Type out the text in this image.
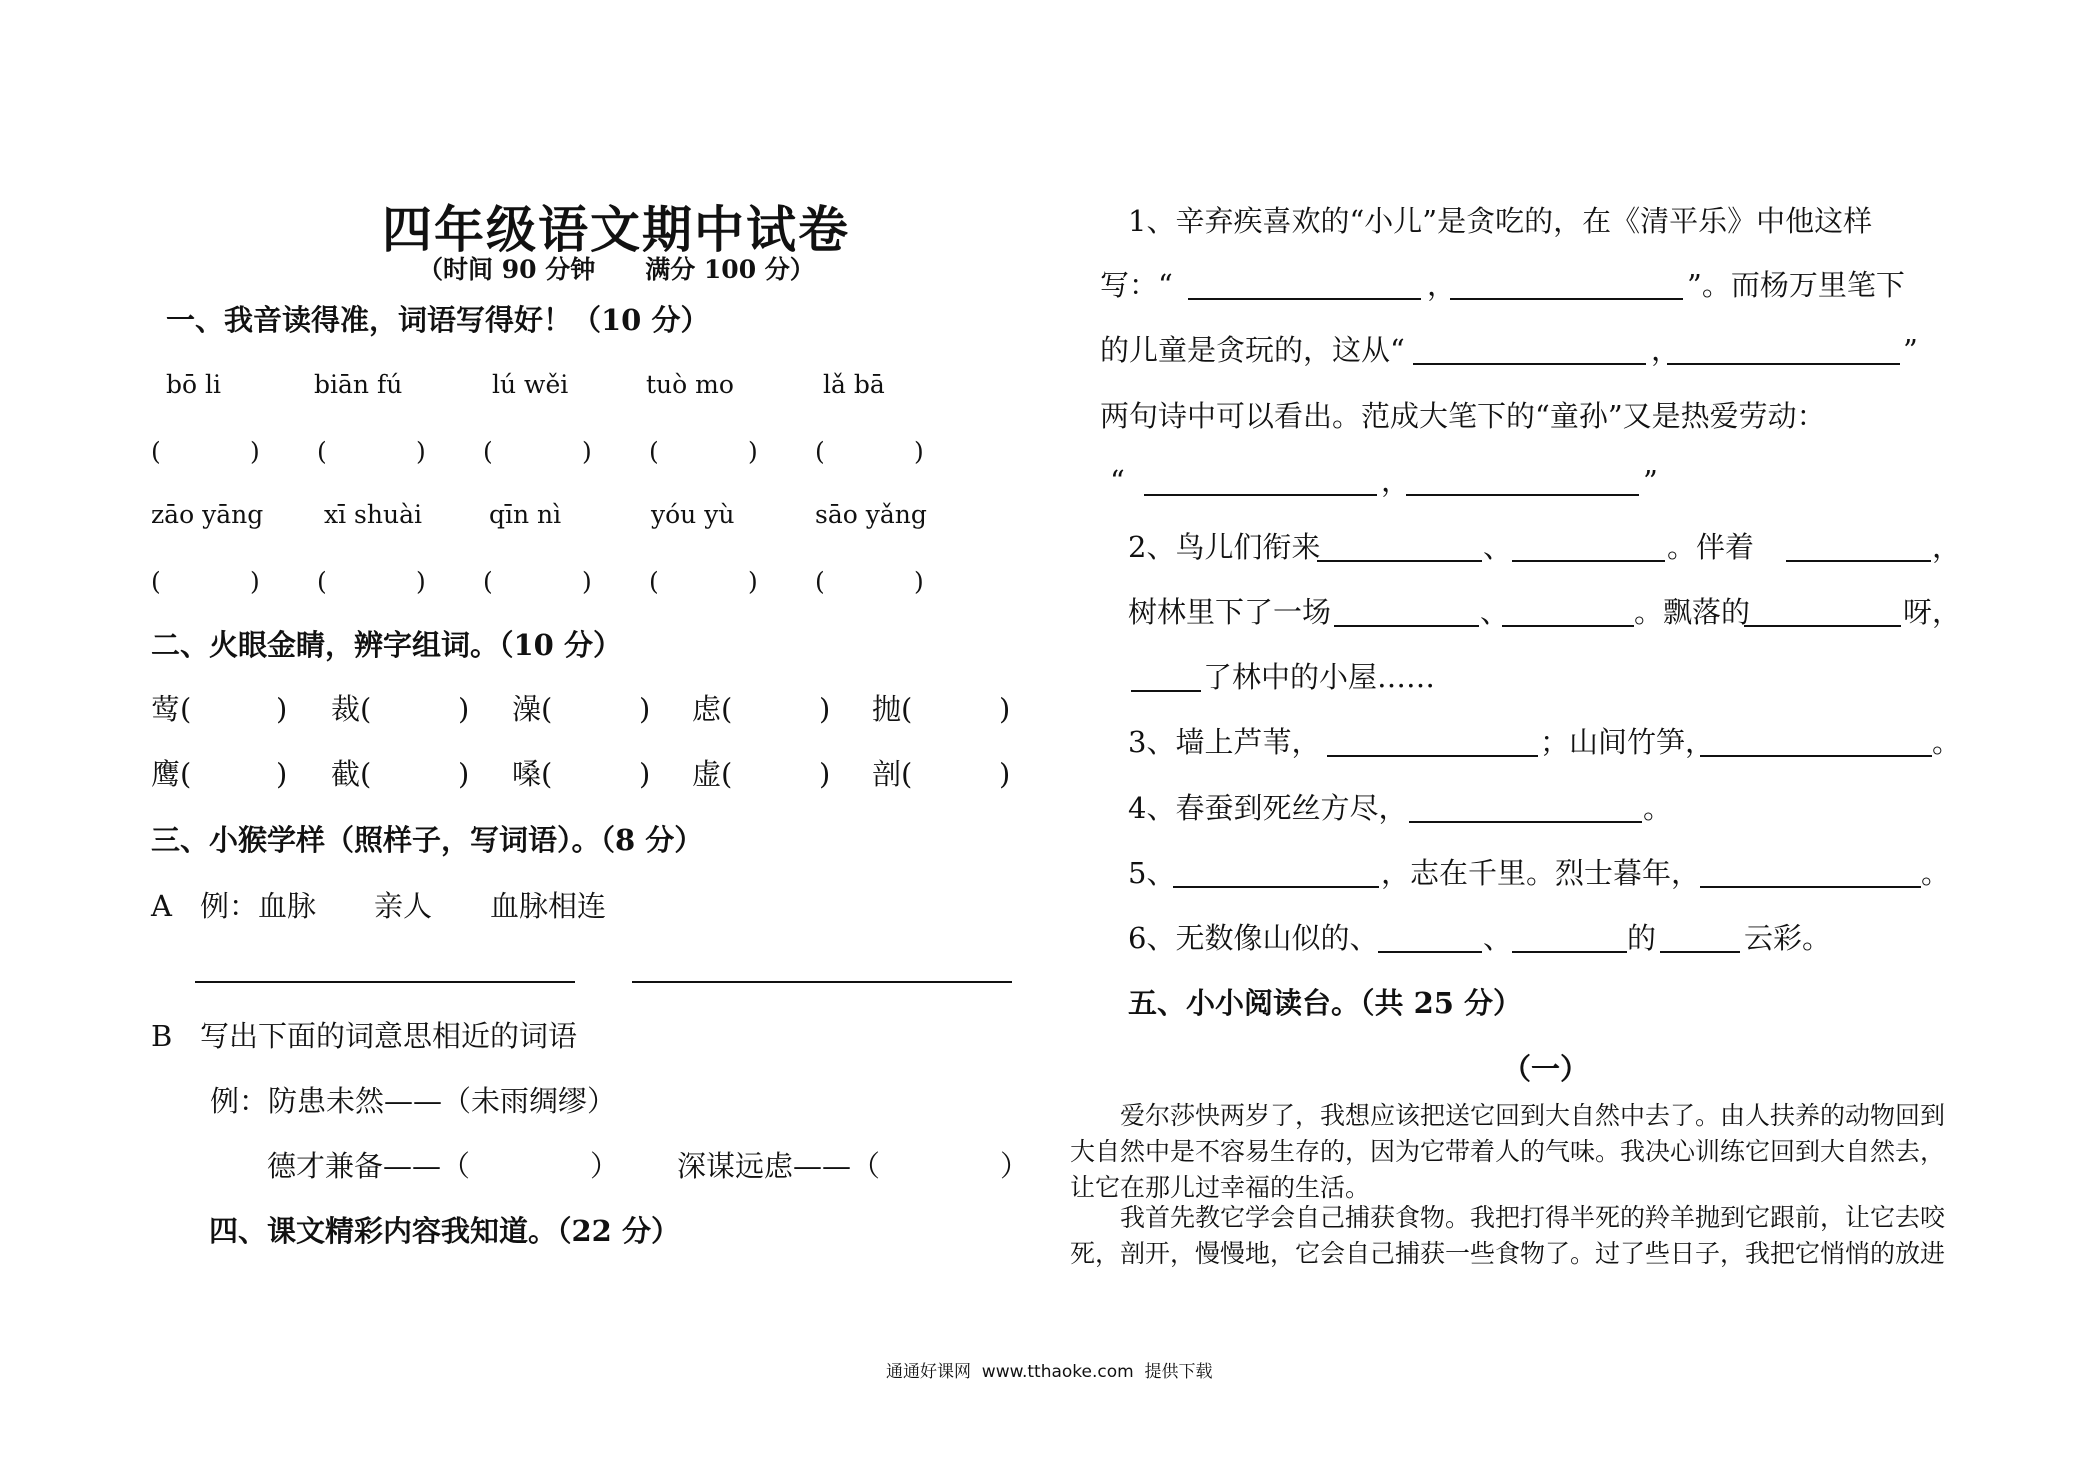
四年级语文期中试卷
（时间 90 分钟　　满分 100 分）
一、我音读得准，词语写得好！（10 分）
bō li	biān fú	lú wěi	tuò mo	lǎ bā
(	) (	) (	) (	) (	)
zāo yāng xī shuài	qīn nì	yóu yù	sāo yǎng
(	) (	) (	) (	) (	)
二、火眼金睛，辨字组词。（10 分）
莺(	) 裁(	) 澡(	) 虑(	) 抛(	)
鹰(	) 截(	) 嗓(	) 虚(	) 剖(	)
三、小猴学样（照样子，写词语）。（8 分）
A 例：血脉　　亲人　　血脉相连
B 写出下面的词意思相近的词语
例：防患未然——（未雨绸缪）
德才兼备——（	） 深谋远虑——（	）
四、课文精彩内容我知道。（22 分）
1、辛弃疾喜欢的“小儿”是贪吃的，在《清平乐》中他这样
写：“	，	”。而杨万里笔下
的儿童是贪玩的，这从“	，	”
两句诗中可以看出。范成大笔下的“童孙”又是热爱劳动：
“	，	”
2、鸟儿们衔来	、	。伴着	，
树林里下了一场	、	。飘落的	呀，
了林中的小屋……
3、墙上芦苇，	；山间竹笋，	。
4、春蚕到死丝方尽，	。
5、	，志在千里。烈士暮年，	。
6、无数像山似的、	、	的	云彩。
五、小小阅读台。（共 25 分）
（一）
爱尔莎快两岁了，我想应该把送它回到大自然中去了。由人扶养的动物回到大自然中是不容易生存的，因为它带着人的气味。我决心训练它回到大自然去，让它在那儿过幸福的生活。
我首先教它学会自己捕获食物。我把打得半死的羚羊抛到它跟前，让它去咬死，剖开，慢慢地，它会自己捕获一些食物了。过了些日子，我把它悄悄的放进
通通好课网  www.tthaoke.com  提供下载
